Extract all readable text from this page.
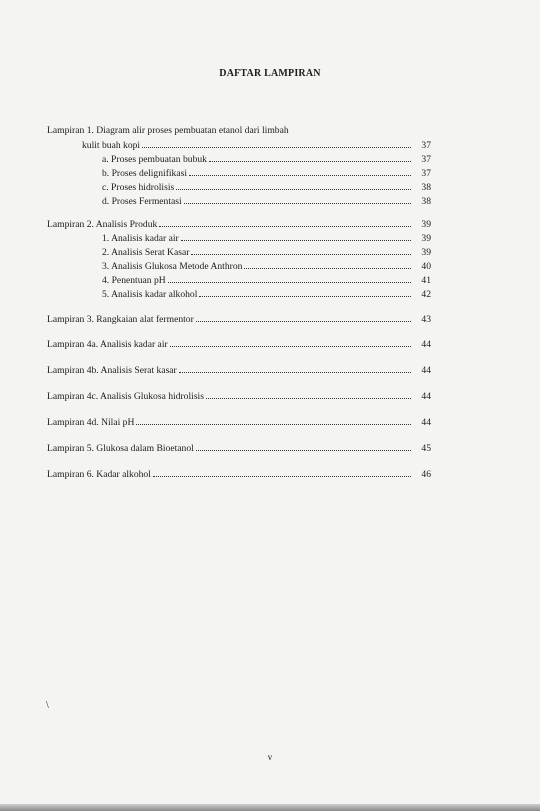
DAFTAR LAMPIRAN
Lampiran 1. Diagram alir proses pembuatan etanol dari limbah
kulit buah kopi	37
a. Proses pembuatan bubuk	37
b. Proses delignifikasi	37
c. Proses hidrolisis	38
d. Proses Fermentasi	38
Lampiran 2. Analisis Produk	39
1. Analisis kadar air	39
2. Analisis Serat Kasar	39
3. Analisis Glukosa Metode Anthron	40
4. Penentuan pH	41
5. Analisis kadar alkohol	42
Lampiran 3. Rangkaian alat fermentor	43
Lampiran 4a. Analisis kadar air	44
Lampiran 4b. Analisis Serat kasar	44
Lampiran 4c. Analisis Glukosa hidrolisis	44
Lampiran 4d. Nilai pH	44
Lampiran 5. Glukosa dalam Bioetanol	45
Lampiran 6. Kadar alkohol	46
\
v
